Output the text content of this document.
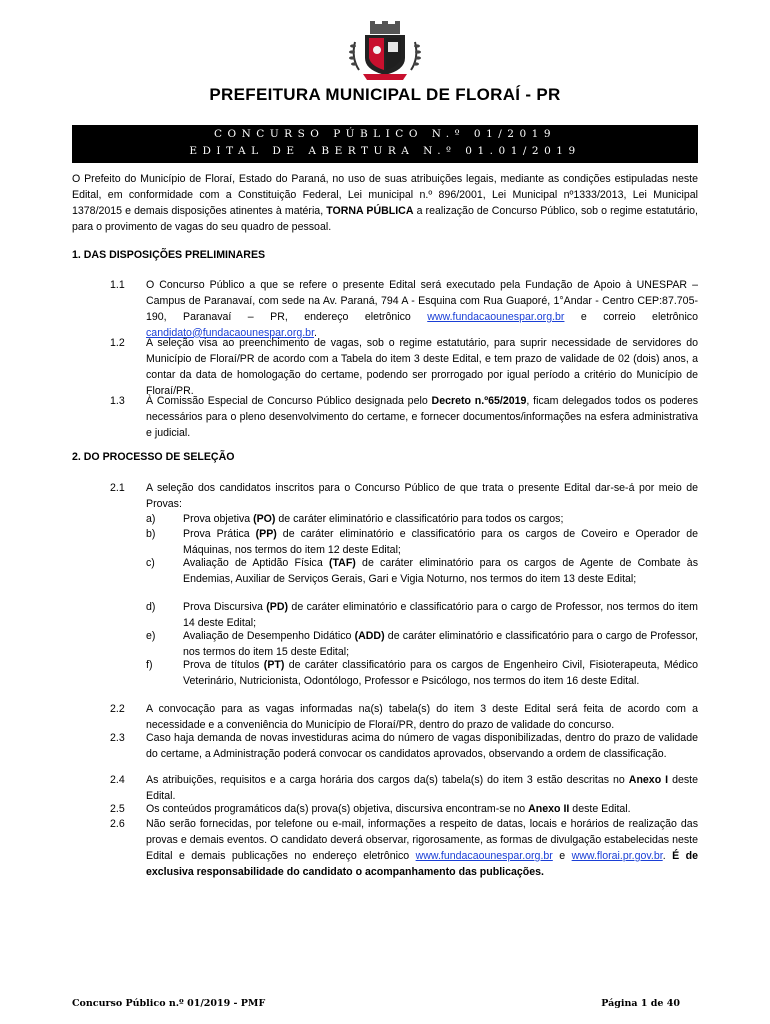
PREFEITURA MUNICIPAL DE FLORAÍ - PR
CONCURSO PÚBLICO N.º 01/2019
EDITAL DE ABERTURA N.º 01.01/2019
O Prefeito do Município de Floraí, Estado do Paraná, no uso de suas atribuições legais, mediante as condições estipuladas neste Edital, em conformidade com a Constituição Federal, Lei municipal n.º 896/2001, Lei Municipal nº1333/2013, Lei Municipal 1378/2015 e demais disposições atinentes à matéria, TORNA PÚBLICA a realização de Concurso Público, sob o regime estatutário, para o provimento de vagas do seu quadro de pessoal.
1. DAS DISPOSIÇÕES PRELIMINARES
1.1 O Concurso Público a que se refere o presente Edital será executado pela Fundação de Apoio à UNESPAR – Campus de Paranavaí, com sede na Av. Paraná, 794 A - Esquina com Rua Guaporé, 1°Andar - Centro CEP:87.705-190, Paranavaí – PR, endereço eletrônico www.fundacaounespar.org.br e correio eletrônico candidato@fundacaounespar.org.br.
1.2 A seleção visa ao preenchimento de vagas, sob o regime estatutário, para suprir necessidade de servidores do Município de Floraí/PR de acordo com a Tabela do item 3 deste Edital, e tem prazo de validade de 02 (dois) anos, a contar da data de homologação do certame, podendo ser prorrogado por igual período a critério do Município de Floraí/PR.
1.3 À Comissão Especial de Concurso Público designada pelo Decreto n.º65/2019, ficam delegados todos os poderes necessários para o pleno desenvolvimento do certame, e fornecer documentos/informações na esfera administrativa e judicial.
2. DO PROCESSO DE SELEÇÃO
2.1 A seleção dos candidatos inscritos para o Concurso Público de que trata o presente Edital dar-se-á por meio de Provas:
a)	Prova objetiva (PO) de caráter eliminatório e classificatório para todos os cargos;
b)	Prova Prática (PP) de caráter eliminatório e classificatório para os cargos de Coveiro e Operador de Máquinas, nos termos do item 12 deste Edital;
c)	Avaliação de Aptidão Física (TAF) de caráter eliminatório para os cargos de Agente de Combate às Endemias, Auxiliar de Serviços Gerais, Gari e Vigia Noturno, nos termos do item 13 deste Edital;
d)	Prova Discursiva (PD) de caráter eliminatório e classificatório para o cargo de Professor, nos termos do item 14 deste Edital;
e)	Avaliação de Desempenho Didático (ADD) de caráter eliminatório e classificatório para o cargo de Professor, nos termos do item 15 deste Edital;
f)	Prova de títulos (PT) de caráter classificatório para os cargos de Engenheiro Civil, Fisioterapeuta, Médico Veterinário, Nutricionista, Odontólogo, Professor e Psicólogo, nos termos do item 16 deste Edital.
2.2 A convocação para as vagas informadas na(s) tabela(s) do item 3 deste Edital será feita de acordo com a necessidade e a conveniência do Município de Floraí/PR, dentro do prazo de validade do concurso.
2.3 Caso haja demanda de novas investiduras acima do número de vagas disponibilizadas, dentro do prazo de validade do certame, a Administração poderá convocar os candidatos aprovados, observando a ordem de classificação.
2.4 As atribuições, requisitos e a carga horária dos cargos da(s) tabela(s) do item 3 estão descritas no Anexo I deste Edital.
2.5 Os conteúdos programáticos da(s) prova(s) objetiva, discursiva encontram-se no Anexo II deste Edital.
2.6 Não serão fornecidas, por telefone ou e-mail, informações a respeito de datas, locais e horários de realização das provas e demais eventos. O candidato deverá observar, rigorosamente, as formas de divulgação estabelecidas neste Edital e demais publicações no endereço eletrônico www.fundacaounespar.org.br e www.florai.pr.gov.br. É de exclusiva responsabilidade do candidato o acompanhamento das publicações.
Concurso Público n.º 01/2019 - PMF	Página 1 de 40
